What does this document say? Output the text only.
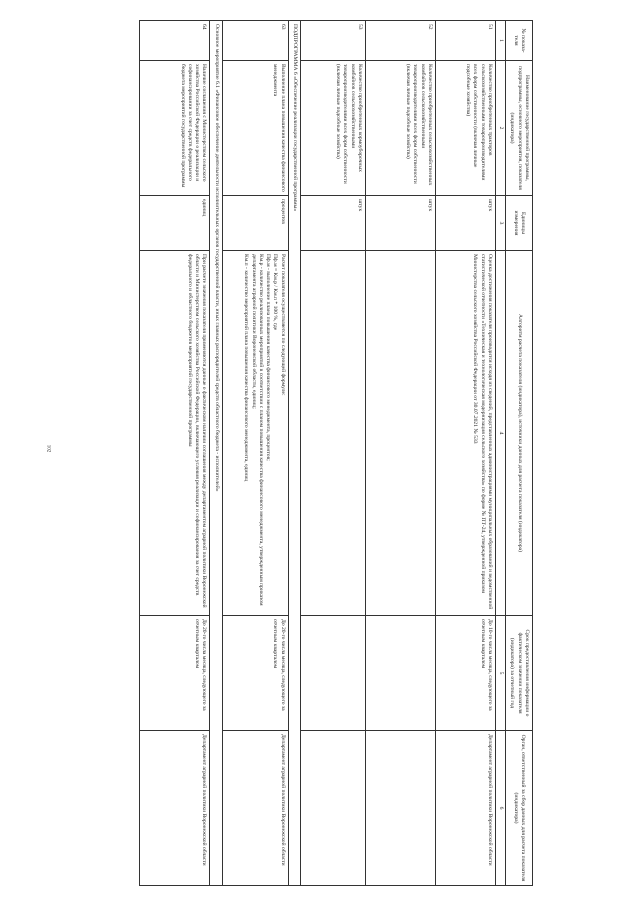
102
№ показа- теля	Наименование государственной программы, подпрограммы, основного мероприятия, показателя (индикатора)	Единицы измерения	Алгоритм расчета показателя (индикатора), источники данных для расчета показателя (индикатора)	Срок предоставления информации о фактическом значении показателя (индикатора) за отчетный год	Орган, ответственный за сбор данных для расчета показателя (индикатора)
1	2	3	4	5	6
51	Количество приобретенных тракторов сельскохозяйственными товаропроизводителями всех форм собственности (включая личные подсобные хозяйства)	штук	Оценка достижения показателя производится исходя из сведений, представленных администрациями муниципальных образований и ведомственной статистической отчетности «Техническая и технологическая модернизация сельского хозяйства» по форме № ПТ-24, утвержденной приказом Министерства сельского хозяйства Российской Федерации от 30.07.2021 № 533	До 10-го числа месяца, следующего за отчетным кварталом	Департамент аграрной политики Воронежской области
52	Количество приобретенных сельскохозяйственных комбайнов сельскохозяйственными товаропроизводителями всех форм собственности (включая личные подсобные хозяйства)	штук			
53	Количество приобретенных кормоуборочных комбайнов сельскохозяйственными товаропроизводителями всех форм собственности (включая личные подсобные хозяйства)	штук			
ПОДПРОГРАММА 6 «Обеспечение реализации государственной программы»					
63	Выполнение плана повышения качества финансового менеджмента	процентов	Расчет показателя осуществляется по следующей формуле:
Пф.м = Км.р / Км.п * 100 %, где
Пф.м - выполнение плана повышения качества финансового менеджмента, процентов;
Км.р - количество реализованных мероприятий в соответствии с планом повышения качества финансового менеджмента, утвержденным приказом департамента аграрной политики Воронежской области, единиц;
Км.п - количество мероприятий плана повышения качества финансового менеджмента, единиц	До 20-го числа месяца, следующего за отчетным кварталом	Департамент аграрной политики Воронежской области
Основное мероприятие 6.1 «Финансовое обеспечение деятельности исполнительных органов государственной власти, иных главных распорядителей средств областного бюджета - исполнителей»					
64	Наличие соглашения с Министерством сельского хозяйства Российской Федерации о реализации и софинансировании за счет средств федерального бюджета мероприятий государственной программы	единиц	При расчете значения показателя применяются данные о фактическом наличии соглашения между департаментом аграрной политики Воронежской области и Министерством сельского хозяйства Российской Федерации, включающего условия реализации и софинансирования за счет средств федерального и областного бюджетов мероприятий государственной программы	До 20-го числа месяца, следующего за отчетным кварталом	Департамент аграрной политики Воронежской области
